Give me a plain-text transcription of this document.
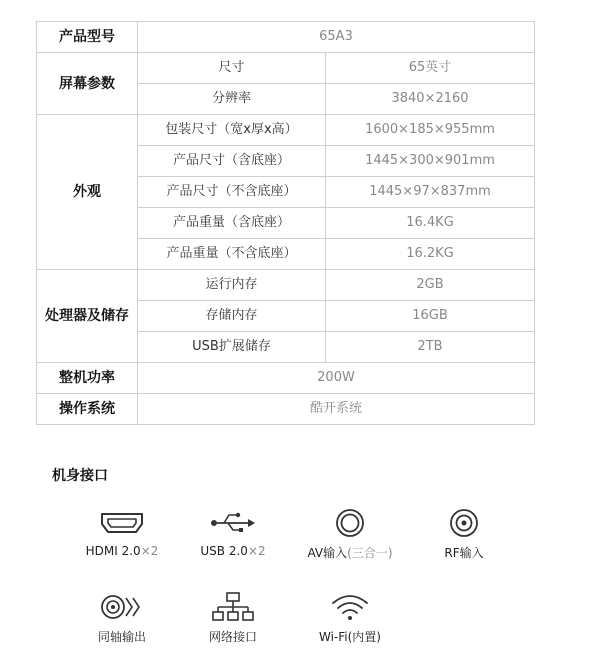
产品型号	65A3	
屏幕参数	尺寸	65英寸
	分辨率	3840×2160
外观	包装尺寸（宽x厚x高）	1600×185×955mm
	产品尺寸（含底座）	1445×300×901mm
	产品尺寸（不含底座）	1445×97×837mm
	产品重量（含底座）	16.4KG
	产品重量（不含底座）	16.2KG
处理器及储存	运行内存	2GB
	存储内存	16GB
	USB扩展储存	2TB
整机功率	200W	
操作系统	酷开系统	
机身接口
HDMI 2.0×2	USB 2.0×2	AV输入(三合一)	RF输入
同轴输出	网络接口	Wi-Fi(内置)
